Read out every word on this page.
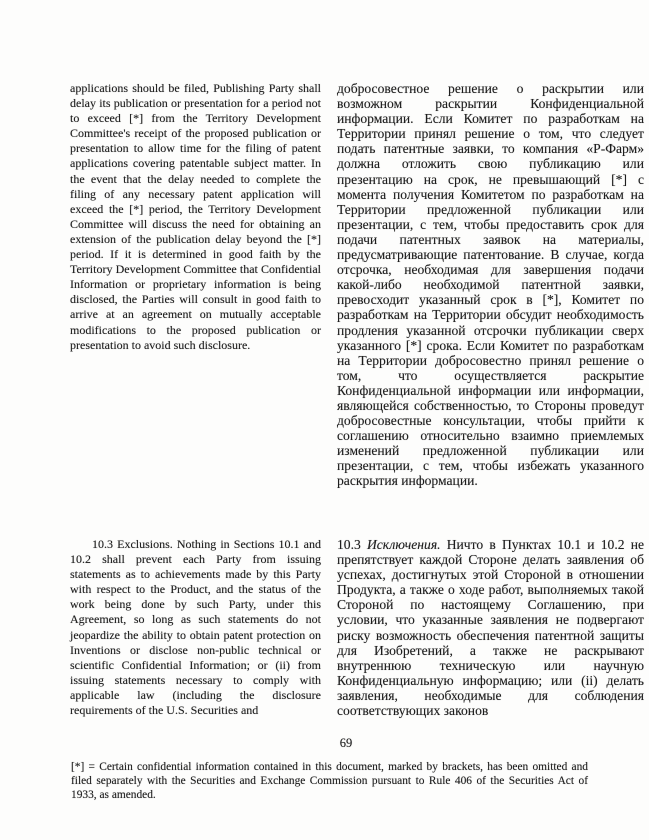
applications should be filed, Publishing Party shall delay its publication or presentation for a period not to exceed [*] from the Territory Development Committee's receipt of the proposed publication or presentation to allow time for the filing of patent applications covering patentable subject matter. In the event that the delay needed to complete the filing of any necessary patent application will exceed the [*] period, the Territory Development Committee will discuss the need for obtaining an extension of the publication delay beyond the [*] period. If it is determined in good faith by the Territory Development Committee that Confidential Information or proprietary information is being disclosed, the Parties will consult in good faith to arrive at an agreement on mutually acceptable modifications to the proposed publication or presentation to avoid such disclosure.

добросовестное решение о раскрытии или возможном раскрытии Конфиденциальной информации. Если Комитет по разработкам на Территории принял решение о том, что следует подать патентные заявки, то компания «Р-Фарм» должна отложить свою публикацию или презентацию на срок, не превышающий [*] с момента получения Комитетом по разработкам на Территории предложенной публикации или презентации, с тем, чтобы предоставить срок для подачи патентных заявок на материалы, предусматривающие патентование. В случае, когда отсрочка, необходимая для завершения подачи какой-либо необходимой патентной заявки, превосходит указанный срок в [*], Комитет по разработкам на Территории обсудит необходимость продления указанной отсрочки публикации сверх указанного [*] срока. Если Комитет по разработкам на Территории добросовестно принял решение о том, что осуществляется раскрытие Конфиденциальной информации или информации, являющейся собственностью, то Стороны проведут добросовестные консультации, чтобы прийти к соглашению относительно взаимно приемлемых изменений предложенной публикации или презентации, с тем, чтобы избежать указанного раскрытия информации.

10.3 Exclusions. Nothing in Sections 10.1 and 10.2 shall prevent each Party from issuing statements as to achievements made by this Party with respect to the Product, and the status of the work being done by such Party, under this Agreement, so long as such statements do not jeopardize the ability to obtain patent protection on Inventions or disclose non-public technical or scientific Confidential Information; or (ii) from issuing statements necessary to comply with applicable law (including the disclosure requirements of the U.S. Securities and

10.3 Исключения. Ничто в Пунктах 10.1 и 10.2 не препятствует каждой Стороне делать заявления об успехах, достигнутых этой Стороной в отношении Продукта, а также о ходе работ, выполняемых такой Стороной по настоящему Соглашению, при условии, что указанные заявления не подвергают риску возможность обеспечения патентной защиты для Изобретений, а также не раскрывают внутреннюю техническую или научную Конфиденциальную информацию; или (ii) делать заявления, необходимые для соблюдения соответствующих законов

69
[*] = Certain confidential information contained in this document, marked by brackets, has been omitted and filed separately with the Securities and Exchange Commission pursuant to Rule 406 of the Securities Act of 1933, as amended.
